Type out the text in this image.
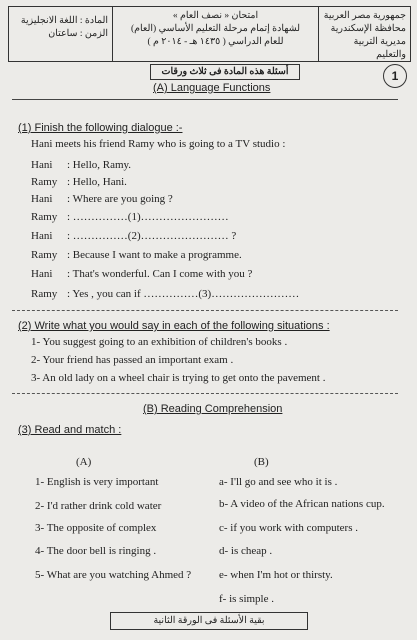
جمهورية مصر العربية
محافظة الإسكندرية
مديرية التربية والتعليم
امتحان « نصف العام »
لشهادة إتمام مرحلة التعليم الأساسي (العام)
للعام الدراسي ( ١٤٣٥ هـ - ٢٠١٤ م )
المادة : اللغة الانجليزية
الزمن : ساعتان
1
أسئلة هذه المادة فى ثلاث ورقات
(A) Language Functions
(1) Finish the following dialogue :-
Hani meets his friend Ramy who is going to a TV studio :
Hani : Hello, Ramy.
Ramy : Hello, Hani.
Hani : Where are you going ?
Ramy : ……………(1)……………………
Hani : ……………(2)…………………… ?
Ramy : Because I want to make a programme.
Hani : That's wonderful. Can I come with you ?
Ramy : Yes , you can if ……………(3)……………………
(2) Write what you would say in each of the following situations :
1- You suggest going to an exhibition of children's books .
2- Your friend has passed an important exam .
3- An old lady on a wheel chair is trying to get onto the pavement .
(B) Reading Comprehension
(3) Read and match :
(A)	(B)
1- English is very important
2- I'd rather drink cold water
3- The opposite of complex
4- The door bell is ringing .
5- What are you watching Ahmed ?
a- I'll go and see who it is .
b- A video of the African nations cup.
c- if you work with computers .
d- is cheap .
e- when I'm hot or thirsty.
f- is simple .
بقية الأسئلة فى الورقة الثانية
